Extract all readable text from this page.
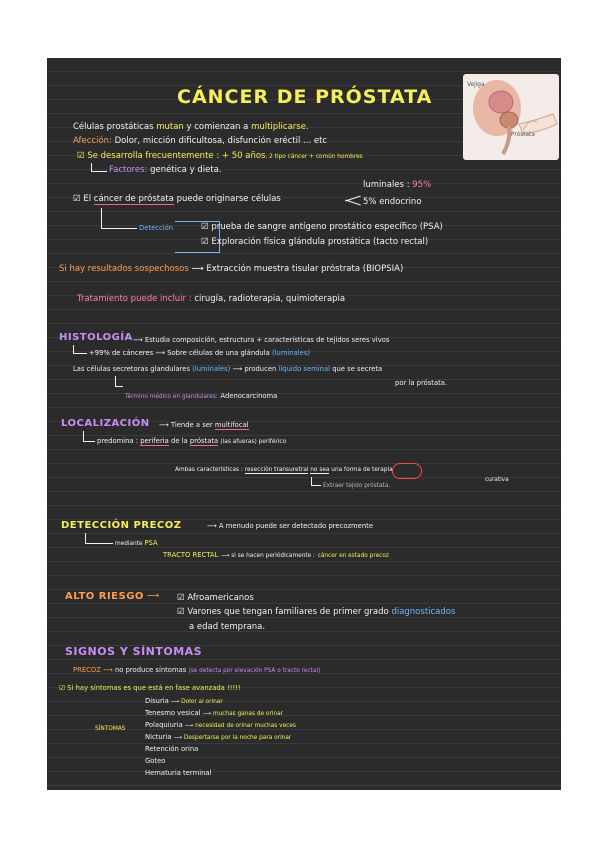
CÁNCER DE PRÓSTATA
Vejiga
Próstata
Células prostáticas mutan y comienzan a multiplicarse.
Afección: Dolor, micción dificultosa, disfunción eréctil ... etc
☑ Se desarrolla frecuentemente : + 50 años, 2 tipo cáncer + común hombres
Factores: genética y dieta.
☑ El cáncer de próstata puede originarse células
luminales : 95%
5% endocrino
Detección	☑ prueba de sangre antígeno prostático específico (PSA)
☑ Exploración física glándula prostática (tacto rectal)
Si hay resultados sospechosos ⟶ Extracción muestra tisular próstrata (BIOPSIA)
Tratamiento puede incluir : cirugía, radioterapia, quimioterapia
HISTOLOGÍA ⟶ Estudia composición, estructura + características de tejidos seres vivos
+99% de cánceres ⟶ Sobre células de una glándula (luminales)
Las células secretoras glandulares (luminales) ⟶ producen líquido seminal que se secreta
por la próstata.
Término médico en glandulares: Adenocarcinoma
LOCALIZACIÓN ⟶ Tiende a ser multifocal
predomina : periferia de la próstata (las afueras) periférico
Ambas características : resección transuretral no sea una forma de terapia
curativa
Extraer tejido próstata.
DETECCIÓN PRECOZ	⟶ A menudo puede ser detectado precozmente
mediante PSA
TRACTO RECTAL ⟶ si se hacen periódicamente : cáncer en estado precoz
ALTO RIESGO ⟶ ☑ Afroamericanos
☑ Varones que tengan familiares de primer grado diagnosticados
a edad temprana.
SIGNOS Y SÍNTOMAS
PRECOZ ⟶ no produce síntomas (se detecta por elevación PSA o tracto rectal)
☑ Si hay síntomas es que está en fase avanzada !!!!!
SÍNTOMAS
Disuria ⟶ Dolor al orinar
Tenesmo vesical ⟶ muchas ganas de orinar
Polaquiuria ⟶ necesidad de orinar muchas veces
Nicturia ⟶ Despertarse por la noche para orinar
Retención orina
Goteo
Hematuria terminal
